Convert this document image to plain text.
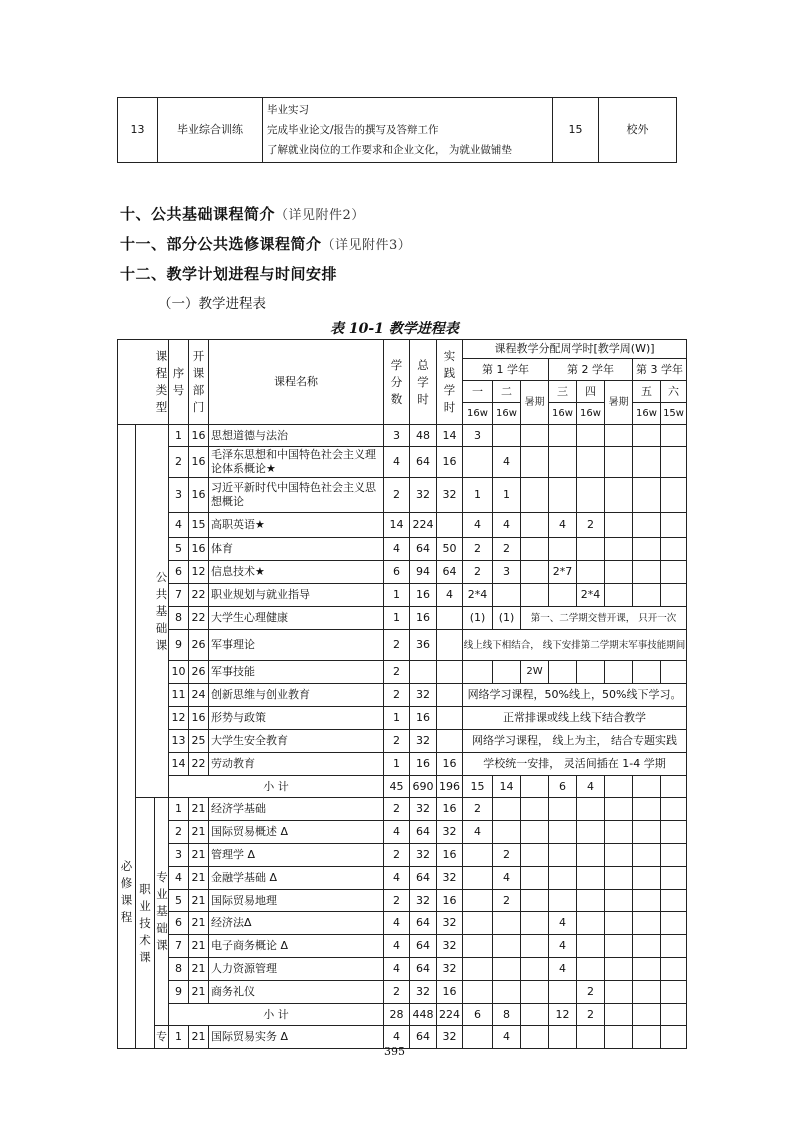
13	毕业综合训练	
毕业实习
完成毕业论文/报告的撰写及答辩工作
了解就业岗位的工作要求和企业文化， 为就业做铺垫
	15	校外
十、公共基础课程简介（详见附件2）
十一、部分公共选修课程简介（详见附件3）
十二、教学计划进程与时间安排
（一）教学进程表
表 10-1 教学进程表
		课程类型	序号	开课部门	课程名称	学分数	总学时	实践学时	课程教学分配周学时[教学周(W)]							
									第 1 学年			第 2 学年			第 3 学年	
									一	二	暑期	三	四	暑期	五	六
									16w	16w		16w	16w		16w	15w
必修课程		公共基础课	1	16	思想道德与法治	3	48	14	3							
			2	16	毛泽东思想和中国特色社会主义理论体系概论★	4	64	16		4						
			3	16	习近平新时代中国特色社会主义思想概论	2	32	32	1	1						
			4	15	高职英语★	14	224		4	4		4	2			
			5	16	体育	4	64	50	2	2						
			6	12	信息技术★	6	94	64	2	3		2*7				
			7	22	职业规划与就业指导	1	16	4	2*4				2*4			
			8	22	大学生心理健康	1	16		(1)	(1)	第一、二学期交替开课， 只开一次					
			9	26	军事理论	2	36		线上线下相结合， 线下安排第二学期末军事技能期间							
			10	26	军事技能	2					2W					
			11	24	创新思维与创业教育	2	32		网络学习课程，50%线上，50%线下学习。							
			12	16	形势与政策	1	16		正常排课或线上线下结合教学							
			13	25	大学生安全教育	2	32		网络学习课程， 线上为主， 结合专题实践							
			14	22	劳动教育	1	16	16	学校统一安排， 灵活间插在 1-4 学期							
			小 计			45	690	196	15	14		6	4			
	职业技术课	专业基础课	1	21	经济学基础	2	32	16	2							
			2	21	国际贸易概述 Δ	4	64	32	4							
			3	21	管理学 Δ	2	32	16		2						
			4	21	金融学基础 Δ	4	64	32		4						
			5	21	国际贸易地理	2	32	16		2						
			6	21	经济法Δ	4	64	32				4				
			7	21	电子商务概论 Δ	4	64	32				4				
			8	21	人力资源管理	4	64	32				4				
			9	21	商务礼仪	2	32	16					2			
			小 计			28	448	224	6	8		12	2			
		专	1	21	国际贸易实务 Δ	4	64	32		4						
395
